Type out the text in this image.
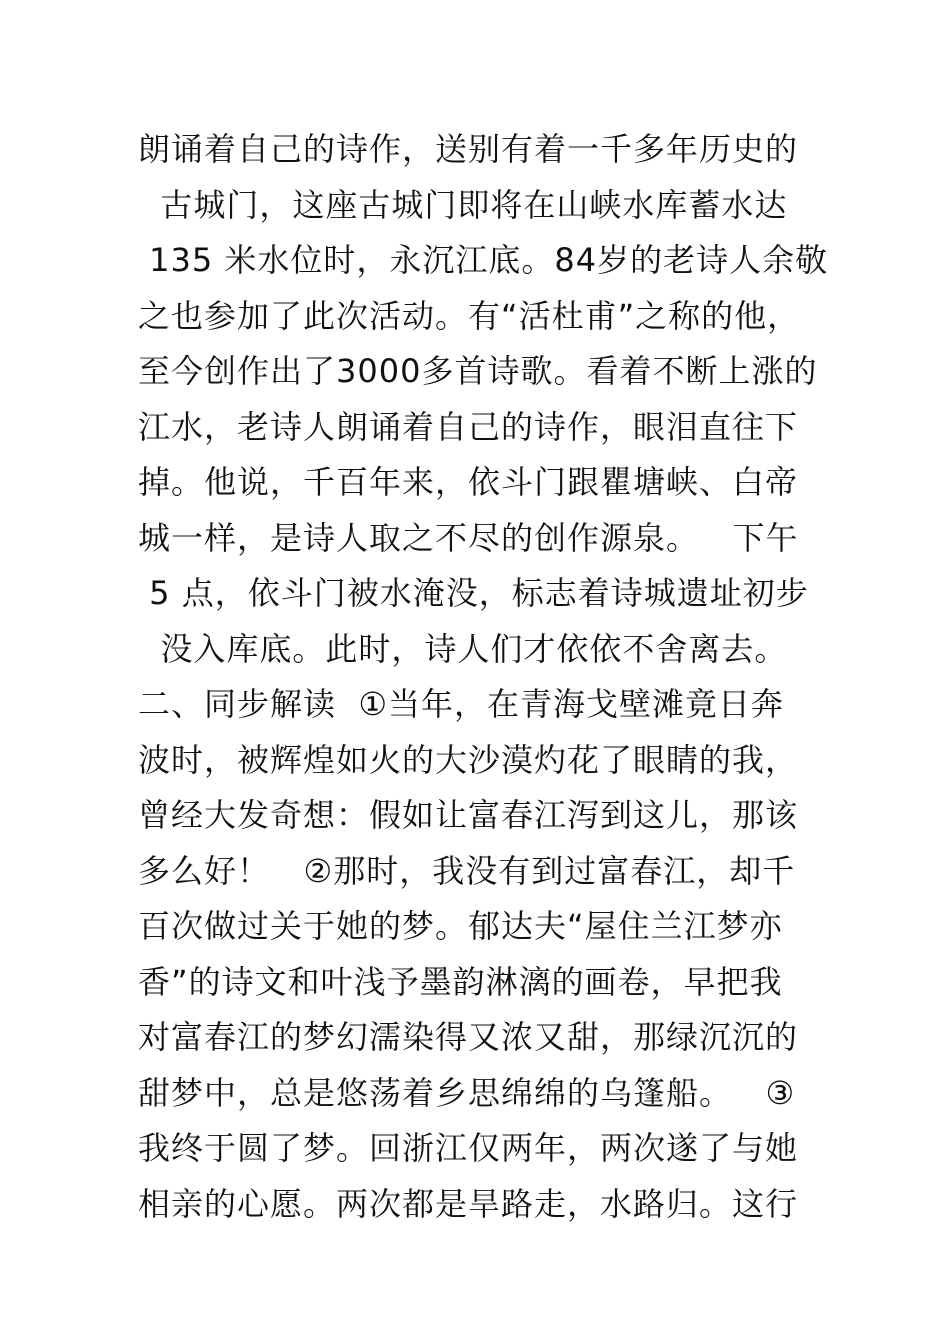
朗诵着自己的诗作，送别有着一千多年历史的
古城门，这座古城门即将在山峡水库蓄水达
135 米水位时，永沉江底。84岁的老诗人余敬
之也参加了此次活动。有“活杜甫”之称的他，
至今创作出了3000多首诗歌。看着不断上涨的
江水，老诗人朗诵着自己的诗作，眼泪直往下
掉。他说，千百年来，依斗门跟瞿塘峡、白帝
城一样，是诗人取之不尽的创作源泉。   下午
5 点，依斗门被水淹没，标志着诗城遗址初步
没入库底。此时，诗人们才依依不舍离去。
二、同步解读  ①当年，在青海戈壁滩竟日奔
波时，被辉煌如火的大沙漠灼花了眼睛的我，
曾经大发奇想：假如让富春江泻到这儿，那该
多么好！   ②那时，我没有到过富春江，却千
百次做过关于她的梦。郁达夫“屋住兰江梦亦
香”的诗文和叶浅予墨韵淋漓的画卷，早把我
对富春江的梦幻濡染得又浓又甜，那绿沉沉的
甜梦中，总是悠荡着乡思绵绵的乌篷船。   ③
我终于圆了梦。回浙江仅两年，两次遂了与她
相亲的心愿。两次都是旱路走，水路归。这行
